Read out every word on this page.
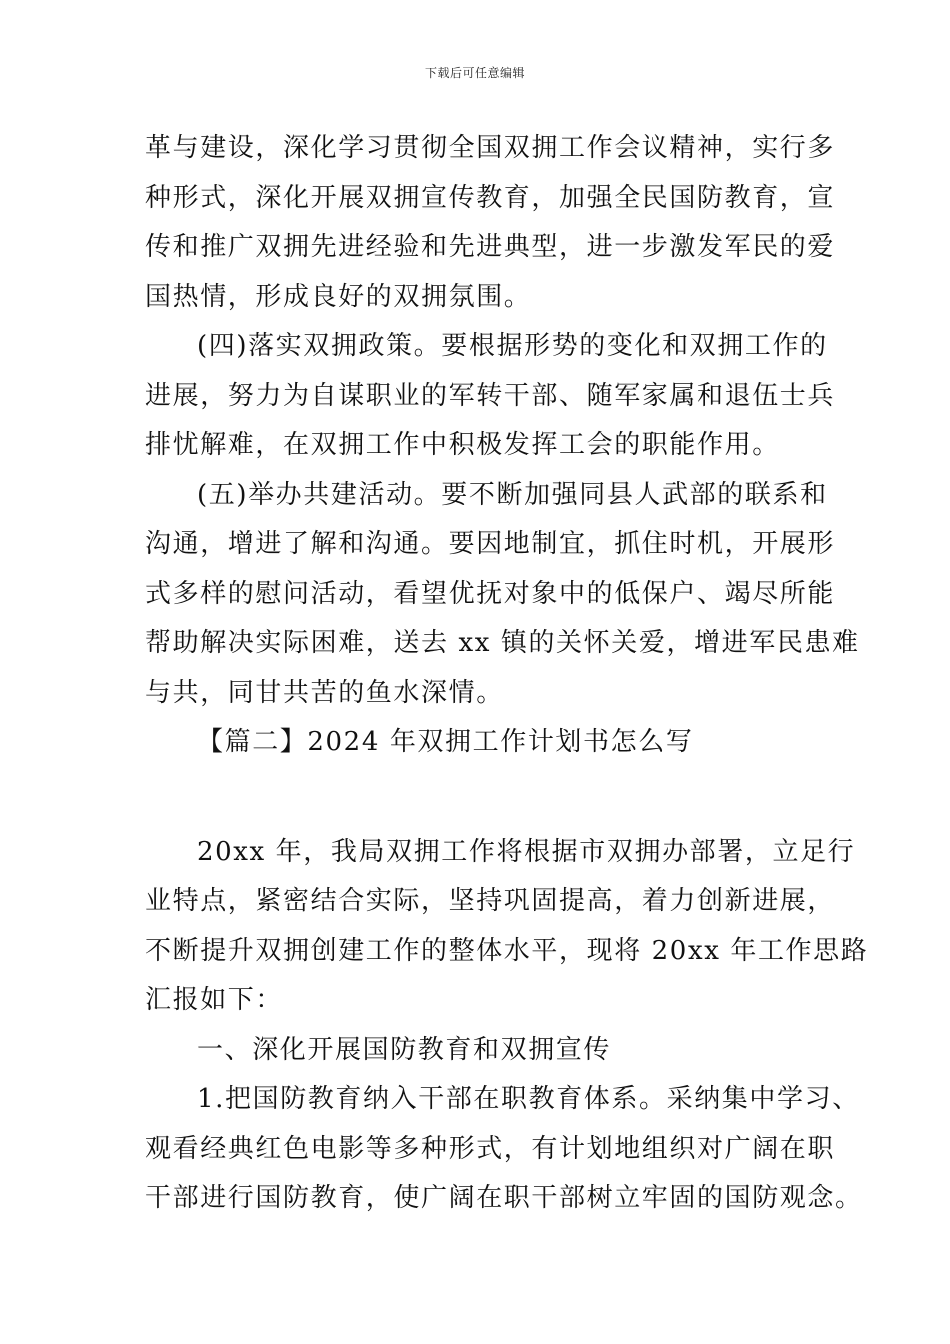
下载后可任意编辑
革与建设，深化学习贯彻全国双拥工作会议精神，实行多
种形式，深化开展双拥宣传教育，加强全民国防教育，宣
传和推广双拥先进经验和先进典型，进一步激发军民的爱
国热情，形成良好的双拥氛围。
(四)落实双拥政策。要根据形势的变化和双拥工作的
进展，努力为自谋职业的军转干部、随军家属和退伍士兵
排忧解难，在双拥工作中积极发挥工会的职能作用。
(五)举办共建活动。要不断加强同县人武部的联系和
沟通，增进了解和沟通。要因地制宜，抓住时机，开展形
式多样的慰问活动，看望优抚对象中的低保户、竭尽所能
帮助解决实际困难，送去 xx 镇的关怀关爱，增进军民患难
与共，同甘共苦的鱼水深情。
【篇二】2024 年双拥工作计划书怎么写
20xx 年，我局双拥工作将根据市双拥办部署，立足行
业特点，紧密结合实际，坚持巩固提高，着力创新进展，
不断提升双拥创建工作的整体水平，现将 20xx 年工作思路
汇报如下：
一、深化开展国防教育和双拥宣传
1.把国防教育纳入干部在职教育体系。采纳集中学习、
观看经典红色电影等多种形式，有计划地组织对广阔在职
干部进行国防教育，使广阔在职干部树立牢固的国防观念。
